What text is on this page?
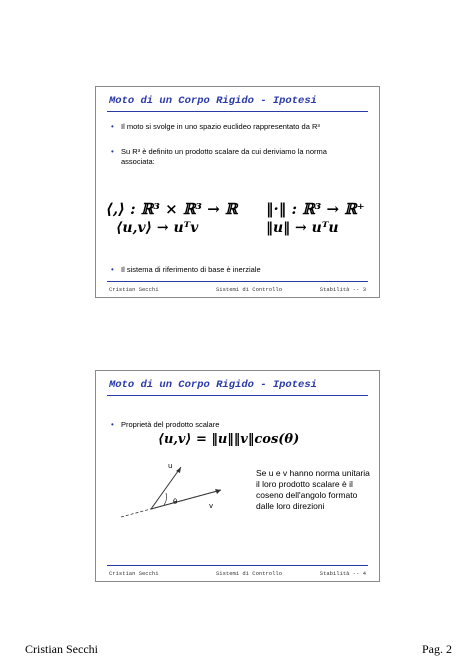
Moto di un Corpo Rigido - Ipotesi
• Il moto si svolge in uno spazio euclideo rappresentato da R³
• Su R³ è definito un prodotto scalare da cui deriviamo la norma associata:
⟨,⟩ : ℝ³ × ℝ³ → ℝ
⟨u,v⟩ → uᵀv
‖·‖ : ℝ³ → ℝ⁺
‖u‖ → uᵀu
• Il sistema di riferimento di base è inerziale
Cristian Secchi	Sistemi di Controllo	Stabilità -- 3
Moto di un Corpo Rigido - Ipotesi
• Proprietà del prodotto scalare
⟨u,v⟩ = ‖u‖‖v‖cos(θ)
u
v
θ
Se u e v hanno norma unitaria il loro prodotto scalare è il coseno dell'angolo formato dalle loro direzioni
Cristian Secchi	Sistemi di Controllo	Stabilità -- 4
Cristian Secchi	Pag. 2
